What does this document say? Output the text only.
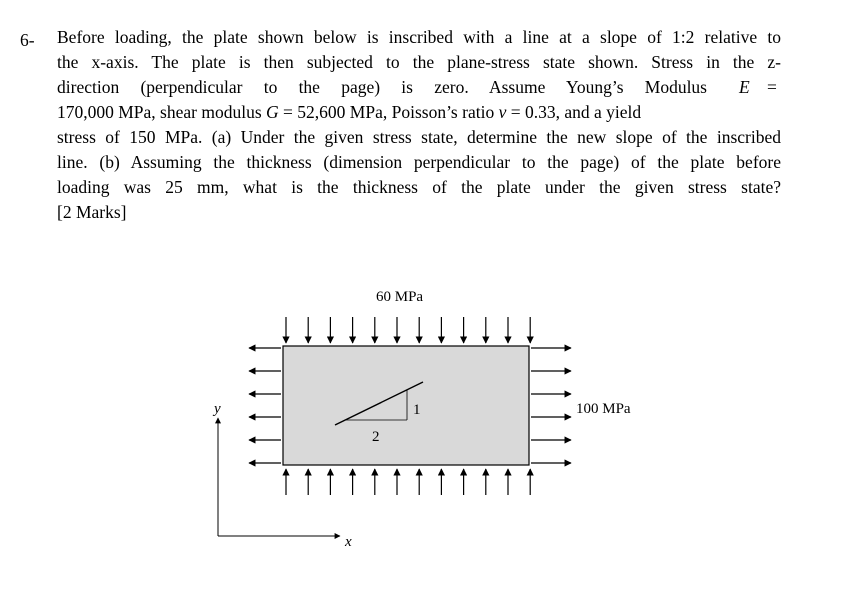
6- Before loading, the plate shown below is inscribed with a line at a slope of 1:2 relative to
the x-axis. The plate is then subjected to the plane-stress state shown. Stress in the z-
direction (perpendicular to the page) is zero. Assume Young’s Modulus E =
170,000 MPa, shear modulus G = 52,600 MPa, Poisson’s ratio ν = 0.33, and a yield
stress of 150 MPa. (a) Under the given stress state, determine the new slope of the inscribed
line. (b) Assuming the thickness (dimension perpendicular to the page) of the plate before
loading was 25 mm, what is the thickness of the plate under the given stress state?
[2 Marks]
1
2
60 MPa
100 MPa
y
x
